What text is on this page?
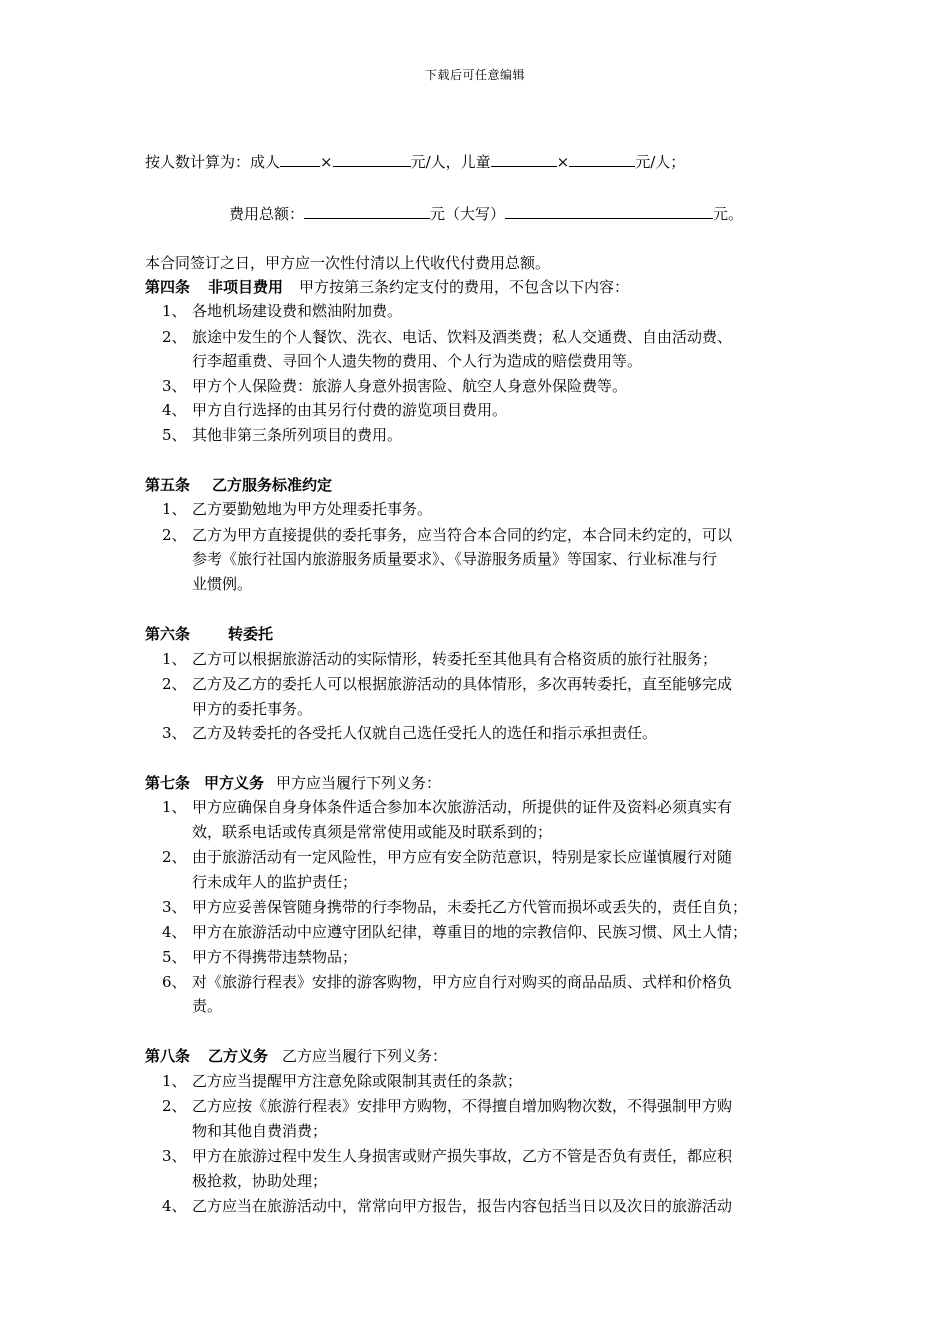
下载后可任意编辑
按人数计算为：成人	×	元/人，儿童	×	元/人；
费用总额：	元（大写）	元。
本合同签订之日，甲方应一次性付清以上代收代付费用总额。
第四条 非项目费用 甲方按第三条约定支付的费用，不包含以下内容：
1、 各地机场建设费和燃油附加费。
2、 旅途中发生的个人餐饮、洗衣、电话、饮料及酒类费；私人交通费、自由活动费、
行李超重费、寻回个人遗失物的费用、个人行为造成的赔偿费用等。
3、 甲方个人保险费：旅游人身意外损害险、航空人身意外保险费等。
4、 甲方自行选择的由其另行付费的游览项目费用。
5、 其他非第三条所列项目的费用。
第五条 乙方服务标准约定
1、 乙方要勤勉地为甲方处理委托事务。
2、 乙方为甲方直接提供的委托事务，应当符合本合同的约定，本合同未约定的，可以
参考《旅行社国内旅游服务质量要求》、《导游服务质量》等国家、行业标准与行
业惯例。
第六条	转委托
1、 乙方可以根据旅游活动的实际情形，转委托至其他具有合格资质的旅行社服务；
2、 乙方及乙方的委托人可以根据旅游活动的具体情形，多次再转委托，直至能够完成
甲方的委托事务。
3、 乙方及转委托的各受托人仅就自己选任受托人的选任和指示承担责任。
第七条 甲方义务 甲方应当履行下列义务：
1、 甲方应确保自身身体条件适合参加本次旅游活动，所提供的证件及资料必须真实有
效，联系电话或传真须是常常使用或能及时联系到的；
2、 由于旅游活动有一定风险性，甲方应有安全防范意识，特别是家长应谨慎履行对随
行未成年人的监护责任；
3、 甲方应妥善保管随身携带的行李物品，未委托乙方代管而损坏或丢失的，责任自负；
4、 甲方在旅游活动中应遵守团队纪律，尊重目的地的宗教信仰、民族习惯、风土人情；
5、 甲方不得携带违禁物品；
6、 对《旅游行程表》安排的游客购物，甲方应自行对购买的商品品质、式样和价格负
责。
第八条 乙方义务 乙方应当履行下列义务：
1、 乙方应当提醒甲方注意免除或限制其责任的条款；
2、 乙方应按《旅游行程表》安排甲方购物，不得擅自增加购物次数，不得强制甲方购
物和其他自费消费；
3、 甲方在旅游过程中发生人身损害或财产损失事故，乙方不管是否负有责任，都应积
极抢救，协助处理；
4、 乙方应当在旅游活动中，常常向甲方报告，报告内容包括当日以及次日的旅游活动
